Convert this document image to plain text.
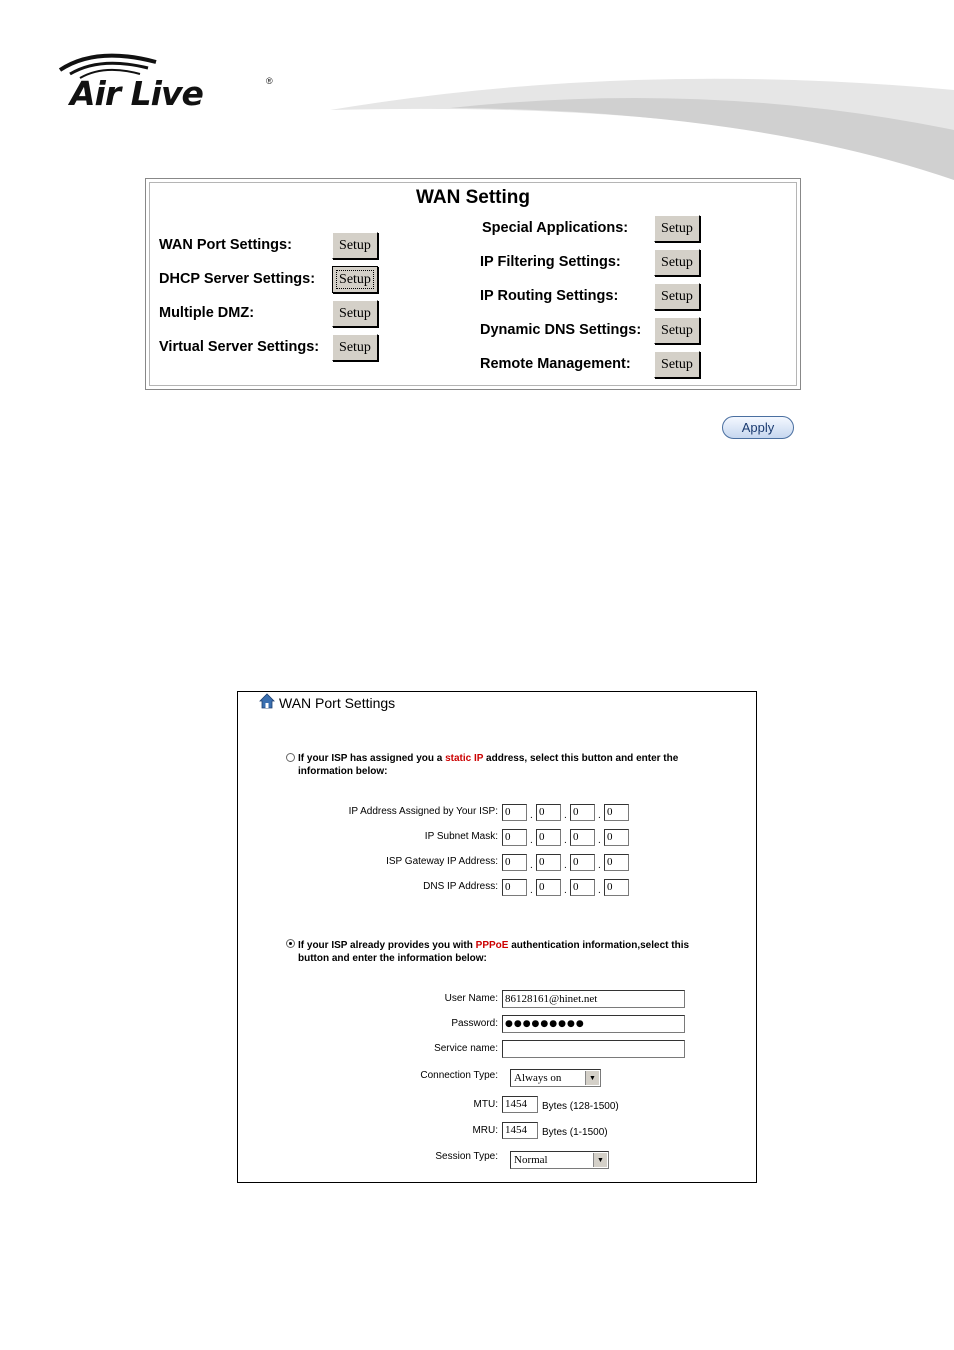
Air Live	®
WAN Setting
WAN Port Settings:	Setup
DHCP Server Settings:	Setup
Multiple DMZ:	Setup
Virtual Server Settings:	Setup
Special Applications:	Setup
IP Filtering Settings:	Setup
IP Routing Settings:	Setup
Dynamic DNS Settings:	Setup
Remote Management:	Setup
Apply
WAN Port Settings
If your ISP has assigned you a static IP address, select this button and enter the information below:
IP Address Assigned by Your ISP: 0	. 0	. 0	. 0
IP Subnet Mask: 0	. 0	. 0	. 0
ISP Gateway IP Address: 0	. 0	. 0	. 0
DNS IP Address: 0	. 0	. 0	. 0
If your ISP already provides you with PPPoE authentication information,select this button and enter the information below:
User Name: 86128161@hinet.net
Password: ●●●●●●●●●
Service name:
Connection Type:	Always on	▼
MTU: 1454	Bytes (128-1500)
MRU: 1454	Bytes (1-1500)
Session Type:	Normal	▼
